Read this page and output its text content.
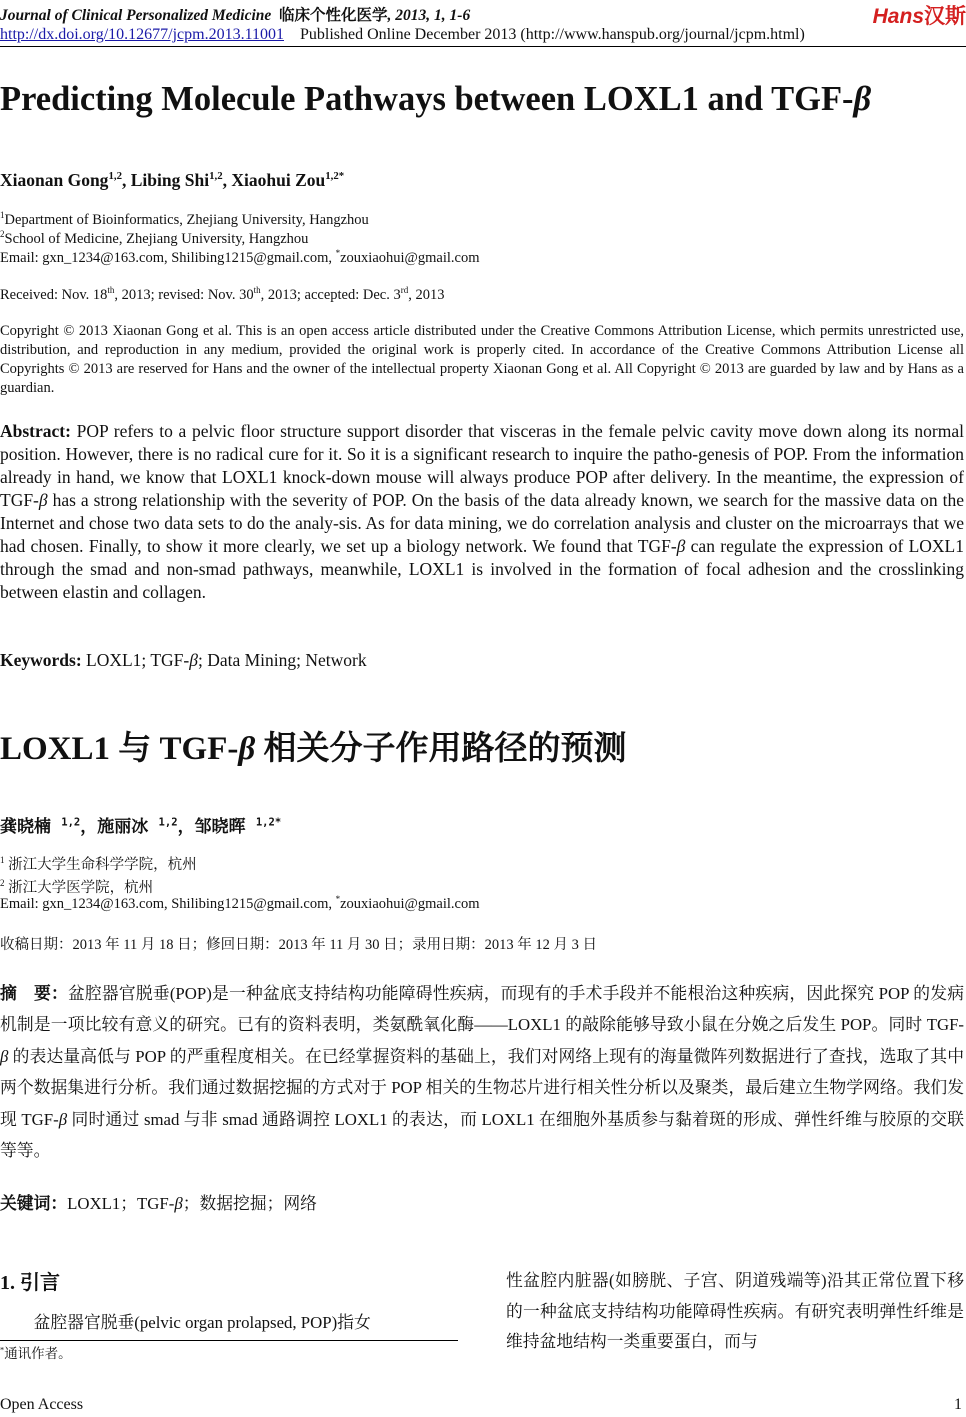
Journal of Clinical Personalized Medicine 临床个性化医学, 2013, 1, 1-6	Hans汉斯
http://dx.doi.org/10.12677/jcpm.2013.11001 Published Online December 2013 (http://www.hanspub.org/journal/jcpm.html)
Predicting Molecule Pathways between LOXL1 and TGF-β
Xiaonan Gong$^{1,2}$, Libing Shi$^{1,2}$, Xiaohui Zou$^{1,2*}$
$^1$Department of Bioinformatics, Zhejiang University, Hangzhou
$^2$School of Medicine, Zhejiang University, Hangzhou
Email: gxn_1234@163.com, Shilibing1215@gmail.com, *zouxiaohui@gmail.com
Received: Nov. 18th, 2013; revised: Nov. 30th, 2013; accepted: Dec. 3rd, 2013
Copyright © 2013 Xiaonan Gong et al. This is an open access article distributed under the Creative Commons Attribution License, which permits unrestricted use, distribution, and reproduction in any medium, provided the original work is properly cited. In accordance of the Creative Commons Attribution License all Copyrights © 2013 are reserved for Hans and the owner of the intellectual property Xiaonan Gong et al. All Copyright © 2013 are guarded by law and by Hans as a guardian.
Abstract: POP refers to a pelvic floor structure support disorder that visceras in the female pelvic cavity move down along its normal position. However, there is no radical cure for it. So it is a significant research to inquire the patho-genesis of POP. From the information already in hand, we know that LOXL1 knock-down mouse will always produce POP after delivery. In the meantime, the expression of TGF-β has a strong relationship with the severity of POP. On the basis of the data already known, we search for the massive data on the Internet and chose two data sets to do the analy-sis. As for data mining, we do correlation analysis and cluster on the microarrays that we had chosen. Finally, to show it more clearly, we set up a biology network. We found that TGF-β can regulate the expression of LOXL1 through the smad and non-smad pathways, meanwhile, LOXL1 is involved in the formation of focal adhesion and the crosslinking between elastin and collagen.
Keywords: LOXL1; TGF-β; Data Mining; Network
LOXL1 与 TGF-β 相关分子作用路径的预测
龚晓楠 $^{1,2}$，施丽冰 $^{1,2}$，邹晓晖 $^{1,2*}$
$^1$ 浙江大学生命科学学院，杭州
$^2$ 浙江大学医学院，杭州
Email: gxn_1234@163.com, Shilibing1215@gmail.com, *zouxiaohui@gmail.com
收稿日期：2013 年 11 月 18 日；修回日期：2013 年 11 月 30 日；录用日期：2013 年 12 月 3 日
摘　要：盆腔器官脱垂(POP)是一种盆底支持结构功能障碍性疾病，而现有的手术手段并不能根治这种疾病，因此探究 POP 的发病机制是一项比较有意义的研究。已有的资料表明，类氨酰氧化酶——LOXL1 的敲除能够导致小鼠在分娩之后发生 POP。同时 TGF-β 的表达量高低与 POP 的严重程度相关。在已经掌握资料的基础上，我们对网络上现有的海量微阵列数据进行了查找，选取了其中两个数据集进行分析。我们通过数据挖掘的方式对于 POP 相关的生物芯片进行相关性分析以及聚类，最后建立生物学网络。我们发现 TGF-β 同时通过 smad 与非 smad 通路调控 LOXL1 的表达，而 LOXL1 在细胞外基质参与黏着斑的形成、弹性纤维与胶原的交联等等。
关键词：LOXL1；TGF-β；数据挖掘；网络
1. 引言
盆腔器官脱垂(pelvic organ prolapsed, POP)指女
性盆腔内脏器(如膀胱、子宫、阴道残端等)沿其正常位置下移的一种盆底支持结构功能障碍性疾病。有研究表明弹性纤维是维持盆地结构一类重要蛋白，而与
*通讯作者。
Open Access	1
